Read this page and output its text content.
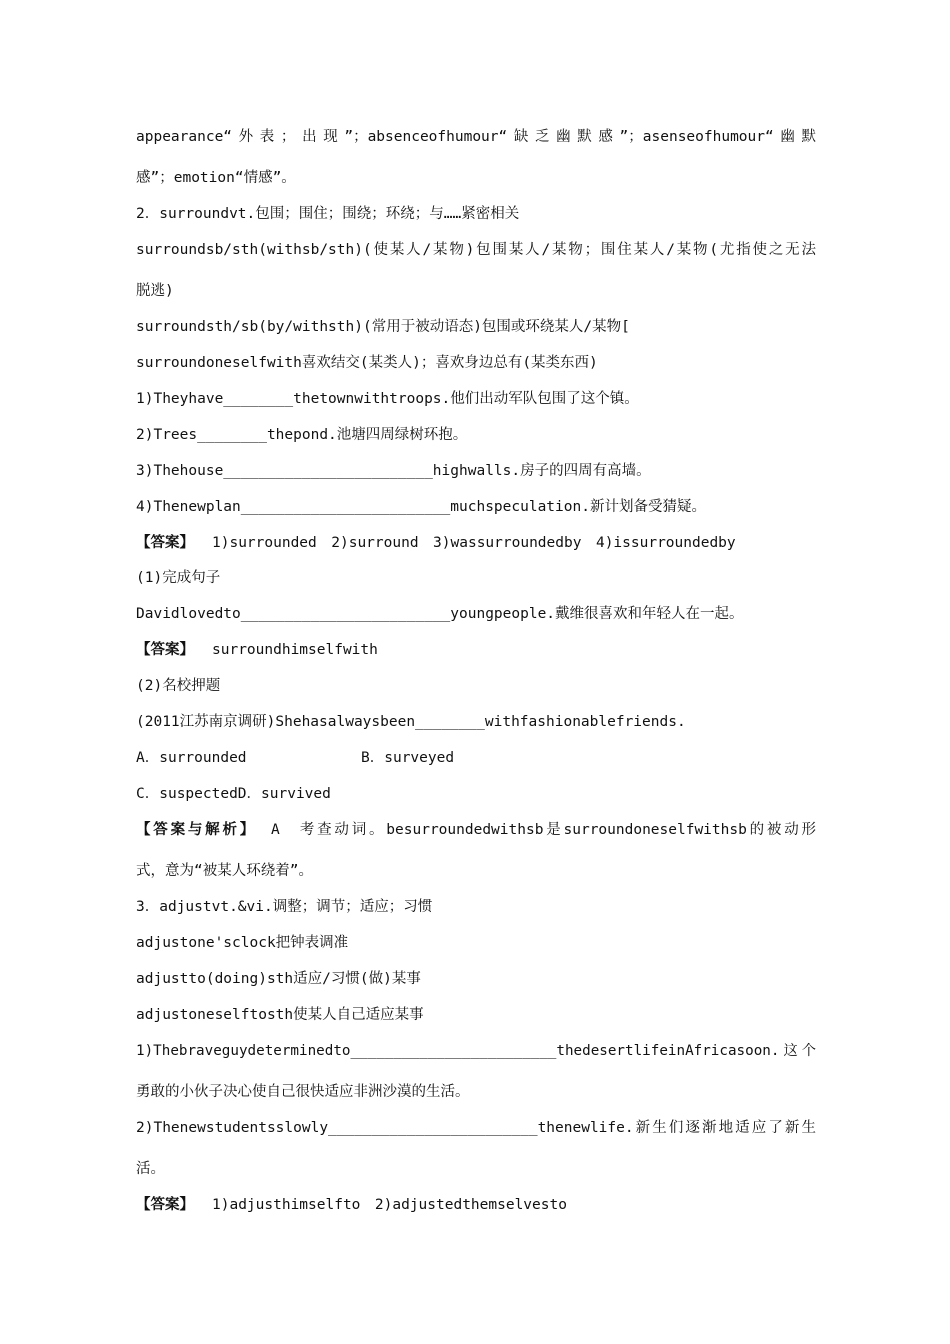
appearance“外表；出现”；absenceofhumour“缺乏幽默感”；asenseofhumour“幽默
感”；emotion“情感”。
2．surroundvt.包围；围住；围绕；环绕；与……紧密相关
surroundsb/sth(withsb/sth)(使某人/某物)包围某人/某物；围住某人/某物(尤指使之无法
脱逃)
surroundsth/sb(by/withsth)(常用于被动语态)包围或环绕某人/某物[
surroundoneselfwith喜欢结交(某类人)；喜欢身边总有(某类东西)
1)Theyhave________thetownwithtroops.他们出动军队包围了这个镇。
2)Trees________thepond.池塘四周绿树环抱。
3)Thehouse________________________highwalls.房子的四周有高墙。
4)Thenewplan________________________muchspeculation.新计划备受猜疑。
【答案】 1)surrounded　2)surround　3)wassurroundedby　4)issurroundedby
(1)完成句子
Davidlovedto________________________youngpeople.戴维很喜欢和年轻人在一起。
【答案】 surroundhimselfwith
(2)名校押题
(2011江苏南京调研)Shehasalwaysbeen________withfashionablefriends.
A．surrounded	B．surveyed
C．suspectedD．survived
【答案与解析】 A　考查动词。besurroundedwithsb是surroundoneselfwithsb的被动形
式，意为“被某人环绕着”。
3．adjustvt.&vi.调整；调节；适应；习惯
adjustone'sclock把钟表调准
adjustto(doing)sth适应/习惯(做)某事
adjustoneselftosth使某人自己适应某事
1)Thebraveguydeterminedto________________________thedesertlifeinAfricasoon.这个
勇敢的小伙子决心使自己很快适应非洲沙漠的生活。
2)Thenewstudentsslowly________________________thenewlife.新生们逐渐地适应了新生
活。
【答案】 1)adjusthimselfto　2)adjustedthemselvesto
